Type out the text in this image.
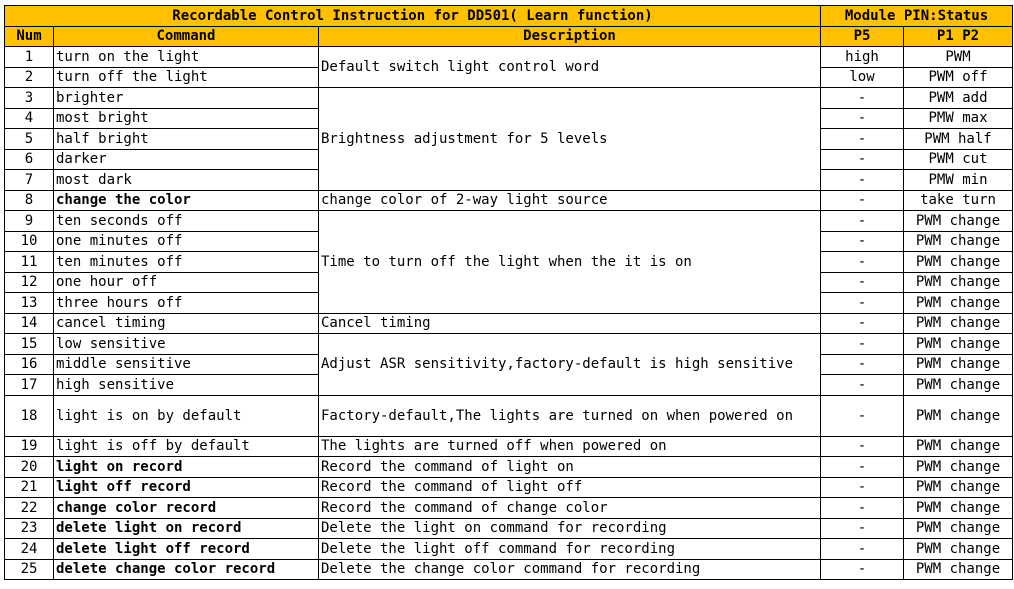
Recordable Control Instruction for DD501( Learn function)			Module PIN:Status	
Num	Command	Description	P5	P1 P2
1	turn on the light	Default switch light control word	high	PWM
2	turn off the light		low	PWM off
3	brighter	Brightness adjustment for 5 levels	-	PWM add
4	most bright		-	PMW max
5	half bright		-	PWM half
6	darker		-	PWM cut
7	most dark		-	PMW min
8	change the color	change color of 2-way light source	-	take turn
9	ten seconds off	Time to turn off the light when the it is on	-	PWM change
10	one minutes off		-	PWM change
11	ten minutes off		-	PWM change
12	one hour off		-	PWM change
13	three hours off		-	PWM change
14	cancel timing	Cancel timing	-	PWM change
15	low sensitive	Adjust ASR sensitivity,factory-default is high sensitive	-	PWM change
16	middle sensitive		-	PWM change
17	high sensitive		-	PWM change
18	light is on by default	Factory-default,The lights are turned on when powered on	-	PWM change
19	light is off by default	The lights are turned off when powered on	-	PWM change
20	light on record	Record the command of light on	-	PWM change
21	light off record	Record the command of light off	-	PWM change
22	change color record	Record the command of change color	-	PWM change
23	delete light on record	Delete the light on command for recording	-	PWM change
24	delete light off record	Delete the light off command for recording	-	PWM change
25	delete change color record	Delete the change color command for recording	-	PWM change
